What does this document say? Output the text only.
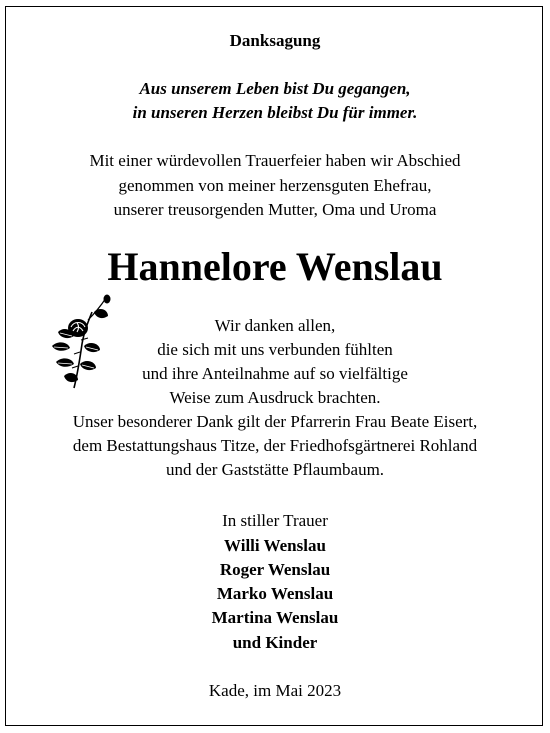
Danksagung
Aus unserem Leben bist Du gegangen,
in unseren Herzen bleibst Du für immer.
Mit einer würdevollen Trauerfeier haben wir Abschied
genommen von meiner herzensguten Ehefrau,
unserer treusorgenden Mutter, Oma und Uroma
Hannelore Wenslau
Wir danken allen,
die sich mit uns verbunden fühlten
und ihre Anteilnahme auf so vielfältige
Weise zum Ausdruck brachten.
Unser besonderer Dank gilt der Pfarrerin Frau Beate Eisert,
dem Bestattungshaus Titze, der Friedhofsgärtnerei Rohland
und der Gaststätte Pflaumbaum.
In stiller Trauer
Willi Wenslau
Roger Wenslau
Marko Wenslau
Martina Wenslau
und Kinder
Kade, im Mai 2023
